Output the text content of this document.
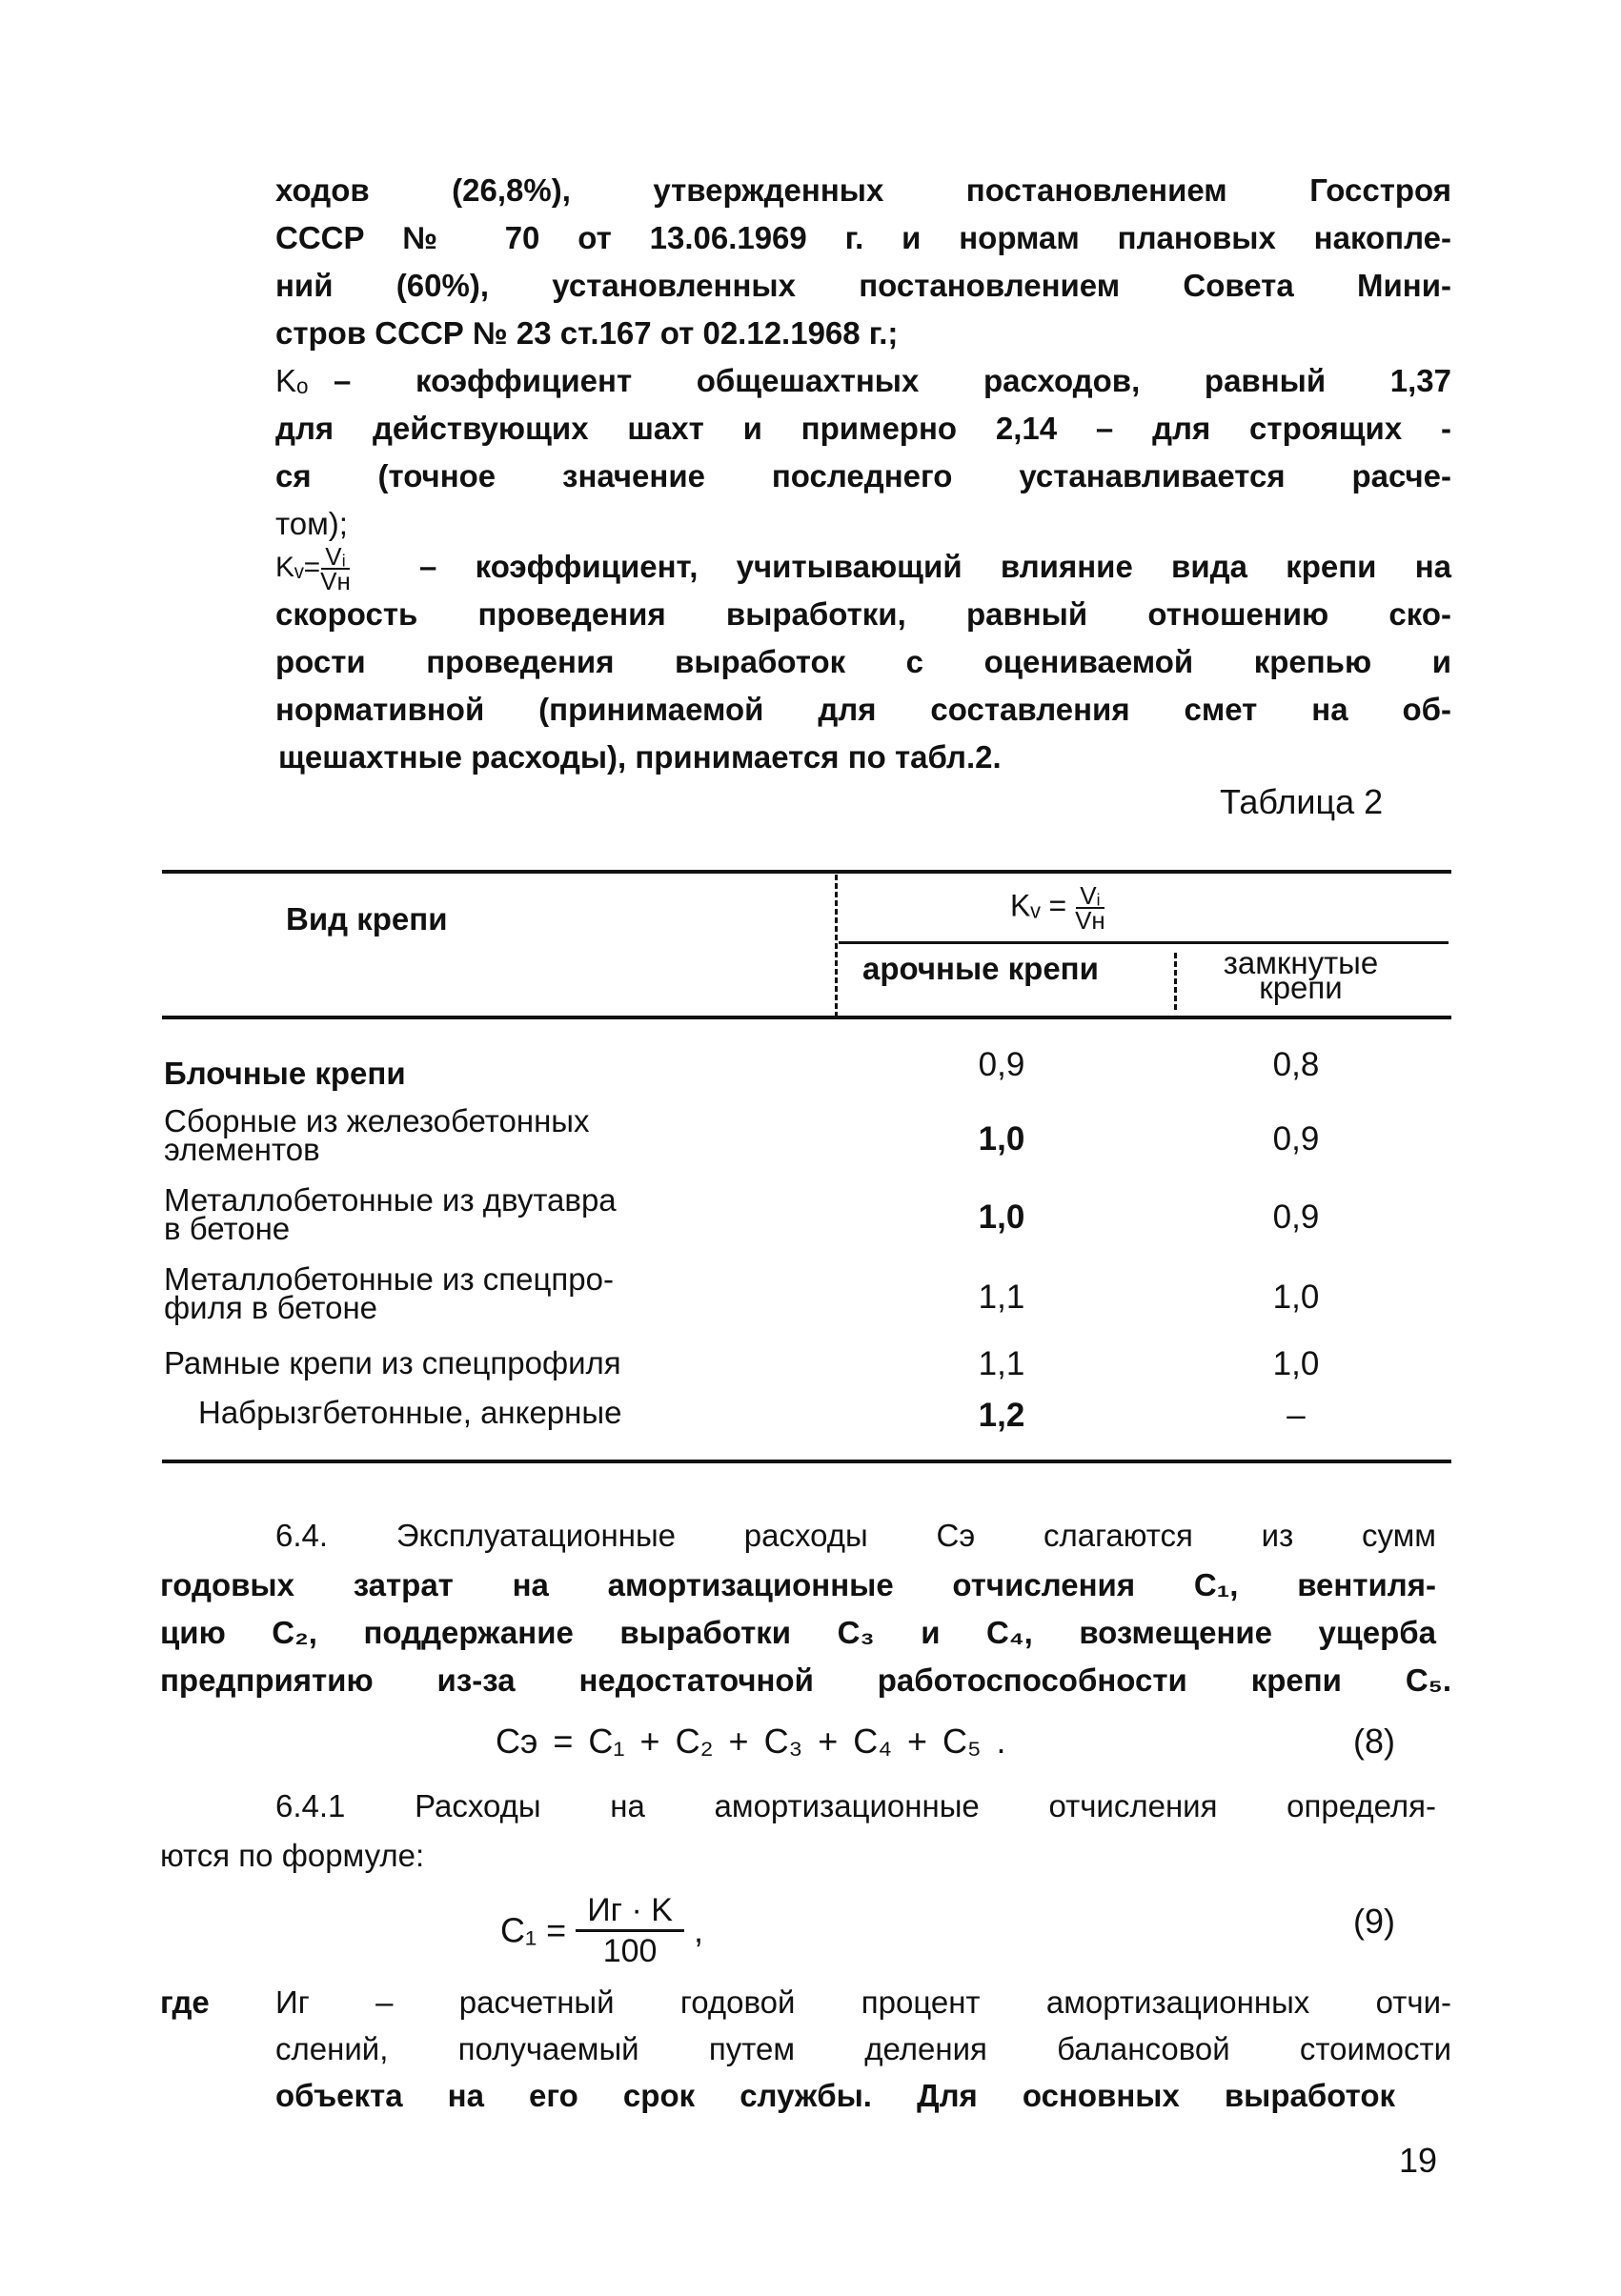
ходов (26,8%), утвержденных постановлением Госстроя
СССР № 70 от 13.06.1969 г. и нормам плановых накопле-
ний (60%), установленных постановлением Совета Мини-
стров СССР № 23 ст.167 от 02.12.1968 г.;
Kₒ – коэффициент общешахтных расходов, равный 1,37
для действующих шахт и примерно 2,14 – для строящих -
ся (точное значение последнего устанавливается расче-
том);
Kᵥ= $\frac{\text{Vᵢ}}{Vн}$ – коэффициент, учитывающий влияние вида крепи на
скорость проведения выработки, равный отношению ско-
рости проведения выработок с оцениваемой крепью и
нормативной (принимаемой для составления смет на об-
щешахтные расходы), принимается по табл.2.
Таблица 2
Вид крепи	Kᵥ = $\frac{\text{Vᵢ}}{Vн}$
арочные крепи	замкнутые
крепи
Блочные крепи	0,9	0,8
Сборные из железобетонных
элементов	1,0	0,9
Металлобетонные из двутавра
в бетоне	1,0	0,9
Металлобетонные из спецпро-
филя в бетоне	1,1	1,0
Рамные крепи из спецпрофиля	1,1	1,0
Набрызгбетонные, анкерные	1,2	–
6.4. Эксплуатационные расходы Сэ слагаются из сумм
годовых затрат на амортизационные отчисления С₁, вентиля-
цию С₂, поддержание выработки С₃ и С₄, возмещение ущерба
предприятию из-за недостаточной работоспособности крепи С₅.
Сэ = С₁ + С₂ + С₃ + С₄ + С₅ .	(8)
6.4.1 Расходы на амортизационные отчисления определя-
ются по формуле:
С₁ =
Иг · K
100
,	(9)
где Иг – расчетный годовой процент амортизационных отчи-
слений, получаемый путем деления балансовой стоимости
объекта на его срок службы. Для основных выработок
19
